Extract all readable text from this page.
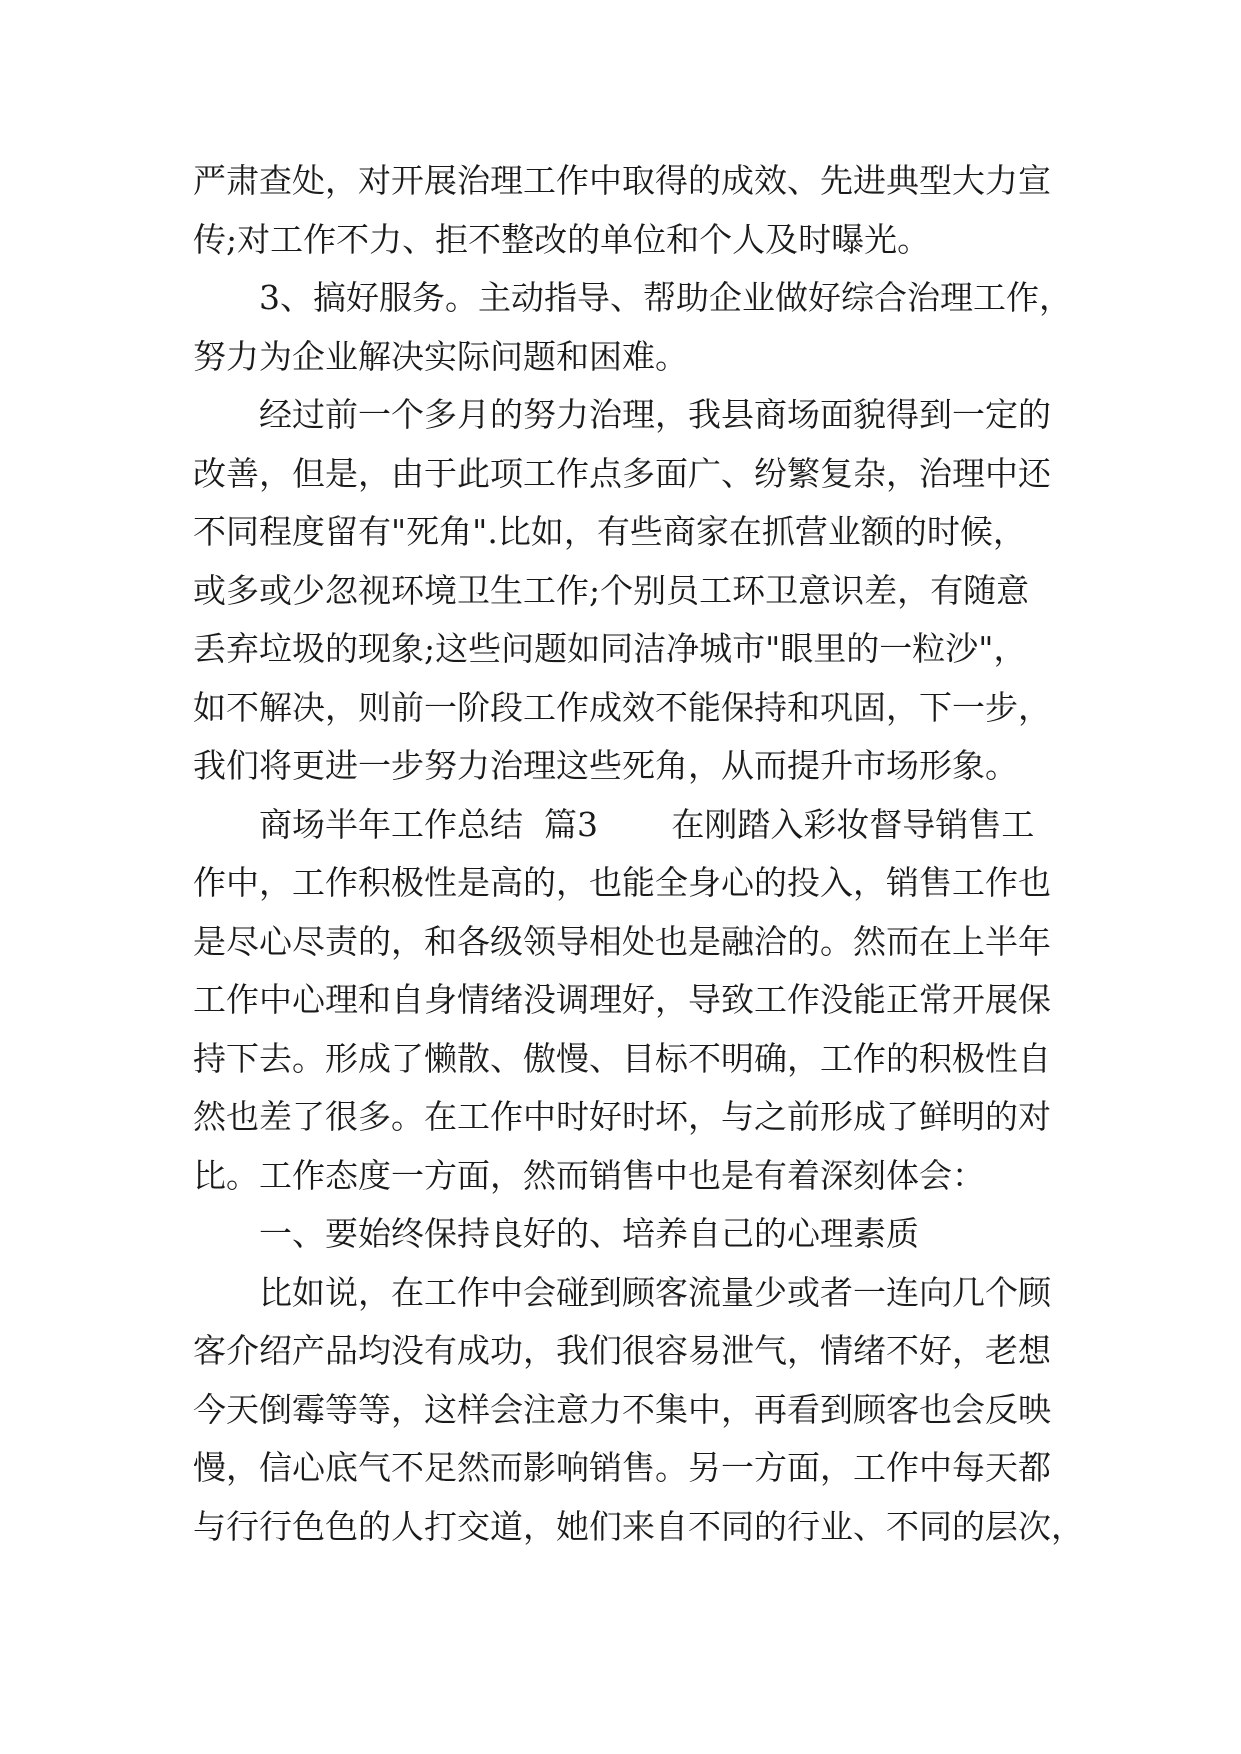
严肃查处，对开展治理工作中取得的成效、先进典型大力宣
传;对工作不力、拒不整改的单位和个人及时曝光。
3、搞好服务。主动指导、帮助企业做好综合治理工作，
努力为企业解决实际问题和困难。
经过前一个多月的努力治理，我县商场面貌得到一定的
改善，但是，由于此项工作点多面广、纷繁复杂，治理中还
不同程度留有"死角".比如，有些商家在抓营业额的时候，
或多或少忽视环境卫生工作;个别员工环卫意识差，有随意
丢弃垃圾的现象;这些问题如同洁净城市"眼里的一粒沙"，
如不解决，则前一阶段工作成效不能保持和巩固，下一步，
我们将更进一步努力治理这些死角，从而提升市场形象。
商场半年工作总结  篇3       在刚踏入彩妆督导销售工
作中，工作积极性是高的，也能全身心的投入，销售工作也
是尽心尽责的，和各级领导相处也是融洽的。然而在上半年
工作中心理和自身情绪没调理好，导致工作没能正常开展保
持下去。形成了懒散、傲慢、目标不明确，工作的积极性自
然也差了很多。在工作中时好时坏，与之前形成了鲜明的对
比。工作态度一方面，然而销售中也是有着深刻体会：
一、要始终保持良好的、培养自己的心理素质
比如说，在工作中会碰到顾客流量少或者一连向几个顾
客介绍产品均没有成功，我们很容易泄气，情绪不好，老想
今天倒霉等等，这样会注意力不集中，再看到顾客也会反映
慢，信心底气不足然而影响销售。另一方面，工作中每天都
与行行色色的人打交道，她们来自不同的行业、不同的层次，
